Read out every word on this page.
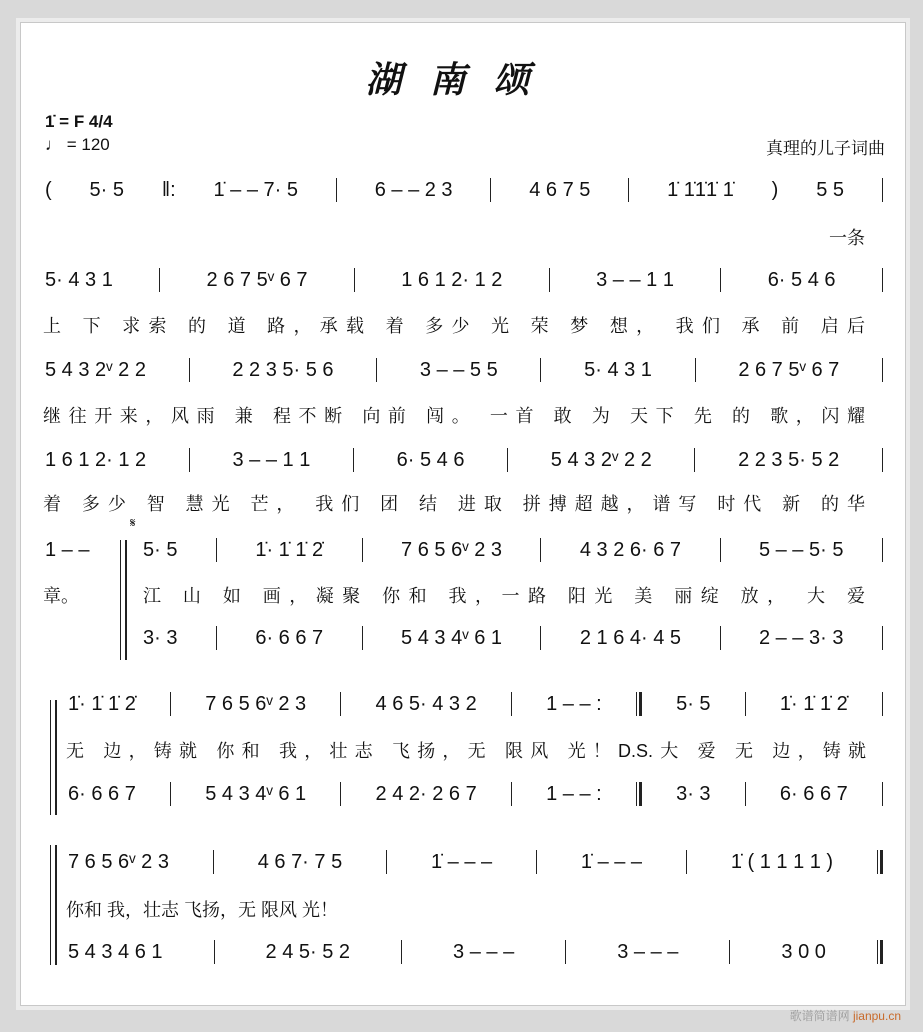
湖南颂
1̇ = F 4/4
♩ = 120	真理的儿子词曲
𝄋
( 5· 5 ‖: 1̇ – – 7· 5	6 – – 2 3	4 6 7 5	1̇ 1̇1̇1̇ 1̇ ) 5 5
一条
5· 4 3 1	2 6 7 5ᵛ 6 7	1 6 1 2· 1 2	3 – – 1 1	6· 5 4 6
上 下 求索 的 道 路，承载 着 多少 光 荣 梦 想， 我们 承 前 启后
5 4 3 2ᵛ 2 2	2 2 3 5· 5 6	3 – – 5 5	5· 4 3 1	2 6 7 5ᵛ 6 7
继往开来，风雨 兼 程不断 向前 闯。 一首 敢 为 天下 先 的 歌，闪耀
1 6 1 2· 1 2	3 – – 1 1	6· 5 4 6	5 4 3 2ᵛ 2 2	2 2 3 5· 5 2
着 多少 智 慧光 芒， 我们 团 结 进取 拼搏超越，谱写 时代 新 的华
1 – –	5· 5	1̇· 1̇ 1̇ 2̇	7 6 5 6ᵛ 2 3	4 3 2 6· 6 7	5 – – 5· 5
章。	江 山 如 画，凝聚 你和 我，一路 阳光 美 丽绽 放， 大 爱
3· 3	6· 6 6 7	5 4 3 4ᵛ 6 1	2 1 6 4· 4 5	2 – – 3· 3
1̇· 1̇ 1̇ 2̇	7 6 5 6ᵛ 2 3	4 6 5· 4 3 2	1 – – :	5· 5	1̇· 1̇ 1̇ 2̇
无 边，铸就 你和 我，壮志 飞扬，无 限风 光！D.S.大 爱 无 边，铸就
6· 6 6 7	5 4 3 4ᵛ 6 1	2 4 2· 2 6 7	1 – – :	3· 3	6· 6 6 7
7 6 5 6ᵛ 2 3	4 6 7· 7 5	1̇ – – –	1̇ – – –	1̇ ( 1 1 1 1 )
你和 我，壮志 飞扬，无 限风 光！
5 4 3 4 6 1	2 4 5· 5 2	3 – – –	3 – – –	3 0 0
歌谱简谱网 jianpu.cn
